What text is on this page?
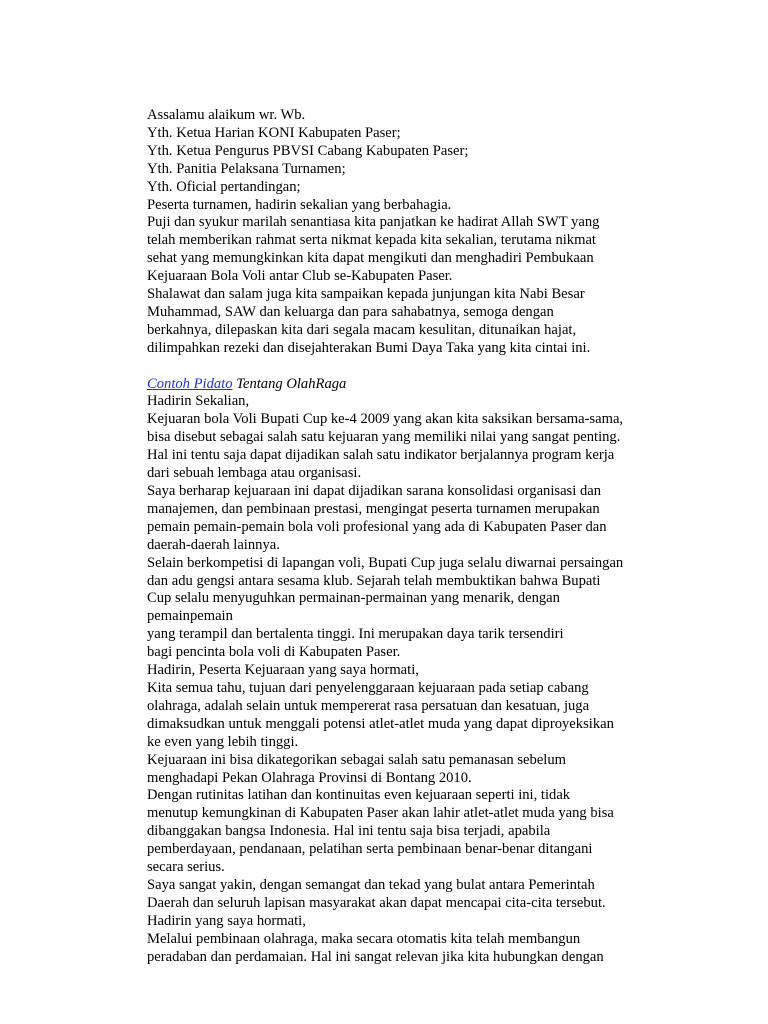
Assalamu alaikum wr. Wb.
Yth. Ketua Harian KONI Kabupaten Paser;
Yth. Ketua Pengurus PBVSI Cabang Kabupaten Paser;
Yth. Panitia Pelaksana Turnamen;
Yth. Oficial pertandingan;
Peserta turnamen, hadirin sekalian yang berbahagia.
Puji dan syukur marilah senantiasa kita panjatkan ke hadirat Allah SWT yang
telah memberikan rahmat serta nikmat kepada kita sekalian, terutama nikmat
sehat yang memungkinkan kita dapat mengikuti dan menghadiri Pembukaan
Kejuaraan Bola Voli antar Club se-Kabupaten Paser.
Shalawat dan salam juga kita sampaikan kepada junjungan kita Nabi Besar
Muhammad, SAW dan keluarga dan para sahabatnya, semoga dengan
berkahnya, dilepaskan kita dari segala macam kesulitan, ditunaikan hajat,
dilimpahkan rezeki dan disejahterakan Bumi Daya Taka yang kita cintai ini.
Contoh Pidato Tentang OlahRaga
Hadirin Sekalian,
Kejuaran bola Voli Bupati Cup ke-4 2009 yang akan kita saksikan bersama-sama,
bisa disebut sebagai salah satu kejuaran yang memiliki nilai yang sangat penting.
Hal ini tentu saja dapat dijadikan salah satu indikator berjalannya program kerja
dari sebuah lembaga atau organisasi.
Saya berharap kejuaraan ini dapat dijadikan sarana konsolidasi organisasi dan
manajemen, dan pembinaan prestasi, mengingat peserta turnamen merupakan
pemain pemain-pemain bola voli profesional yang ada di Kabupaten Paser dan
daerah-daerah lainnya.
Selain berkompetisi di lapangan voli, Bupati Cup juga selalu diwarnai persaingan
dan adu gengsi antara sesama klub. Sejarah telah membuktikan bahwa Bupati
Cup selalu menyuguhkan permainan-permainan yang menarik, dengan
pemainpemain
yang terampil dan bertalenta tinggi. Ini merupakan daya tarik tersendiri
bagi pencinta bola voli di Kabupaten Paser.
Hadirin, Peserta Kejuaraan yang saya hormati,
Kita semua tahu, tujuan dari penyelenggaraan kejuaraan pada setiap cabang
olahraga, adalah selain untuk mempererat rasa persatuan dan kesatuan, juga
dimaksudkan untuk menggali potensi atlet-atlet muda yang dapat diproyeksikan
ke even yang lebih tinggi.
Kejuaraan ini bisa dikategorikan sebagai salah satu pemanasan sebelum
menghadapi Pekan Olahraga Provinsi di Bontang 2010.
Dengan rutinitas latihan dan kontinuitas even kejuaraan seperti ini, tidak
menutup kemungkinan di Kabupaten Paser akan lahir atlet-atlet muda yang bisa
dibanggakan bangsa Indonesia. Hal ini tentu saja bisa terjadi, apabila
pemberdayaan, pendanaan, pelatihan serta pembinaan benar-benar ditangani
secara serius.
Saya sangat yakin, dengan semangat dan tekad yang bulat antara Pemerintah
Daerah dan seluruh lapisan masyarakat akan dapat mencapai cita-cita tersebut.
Hadirin yang saya hormati,
Melalui pembinaan olahraga, maka secara otomatis kita telah membangun
peradaban dan perdamaian. Hal ini sangat relevan jika kita hubungkan dengan
